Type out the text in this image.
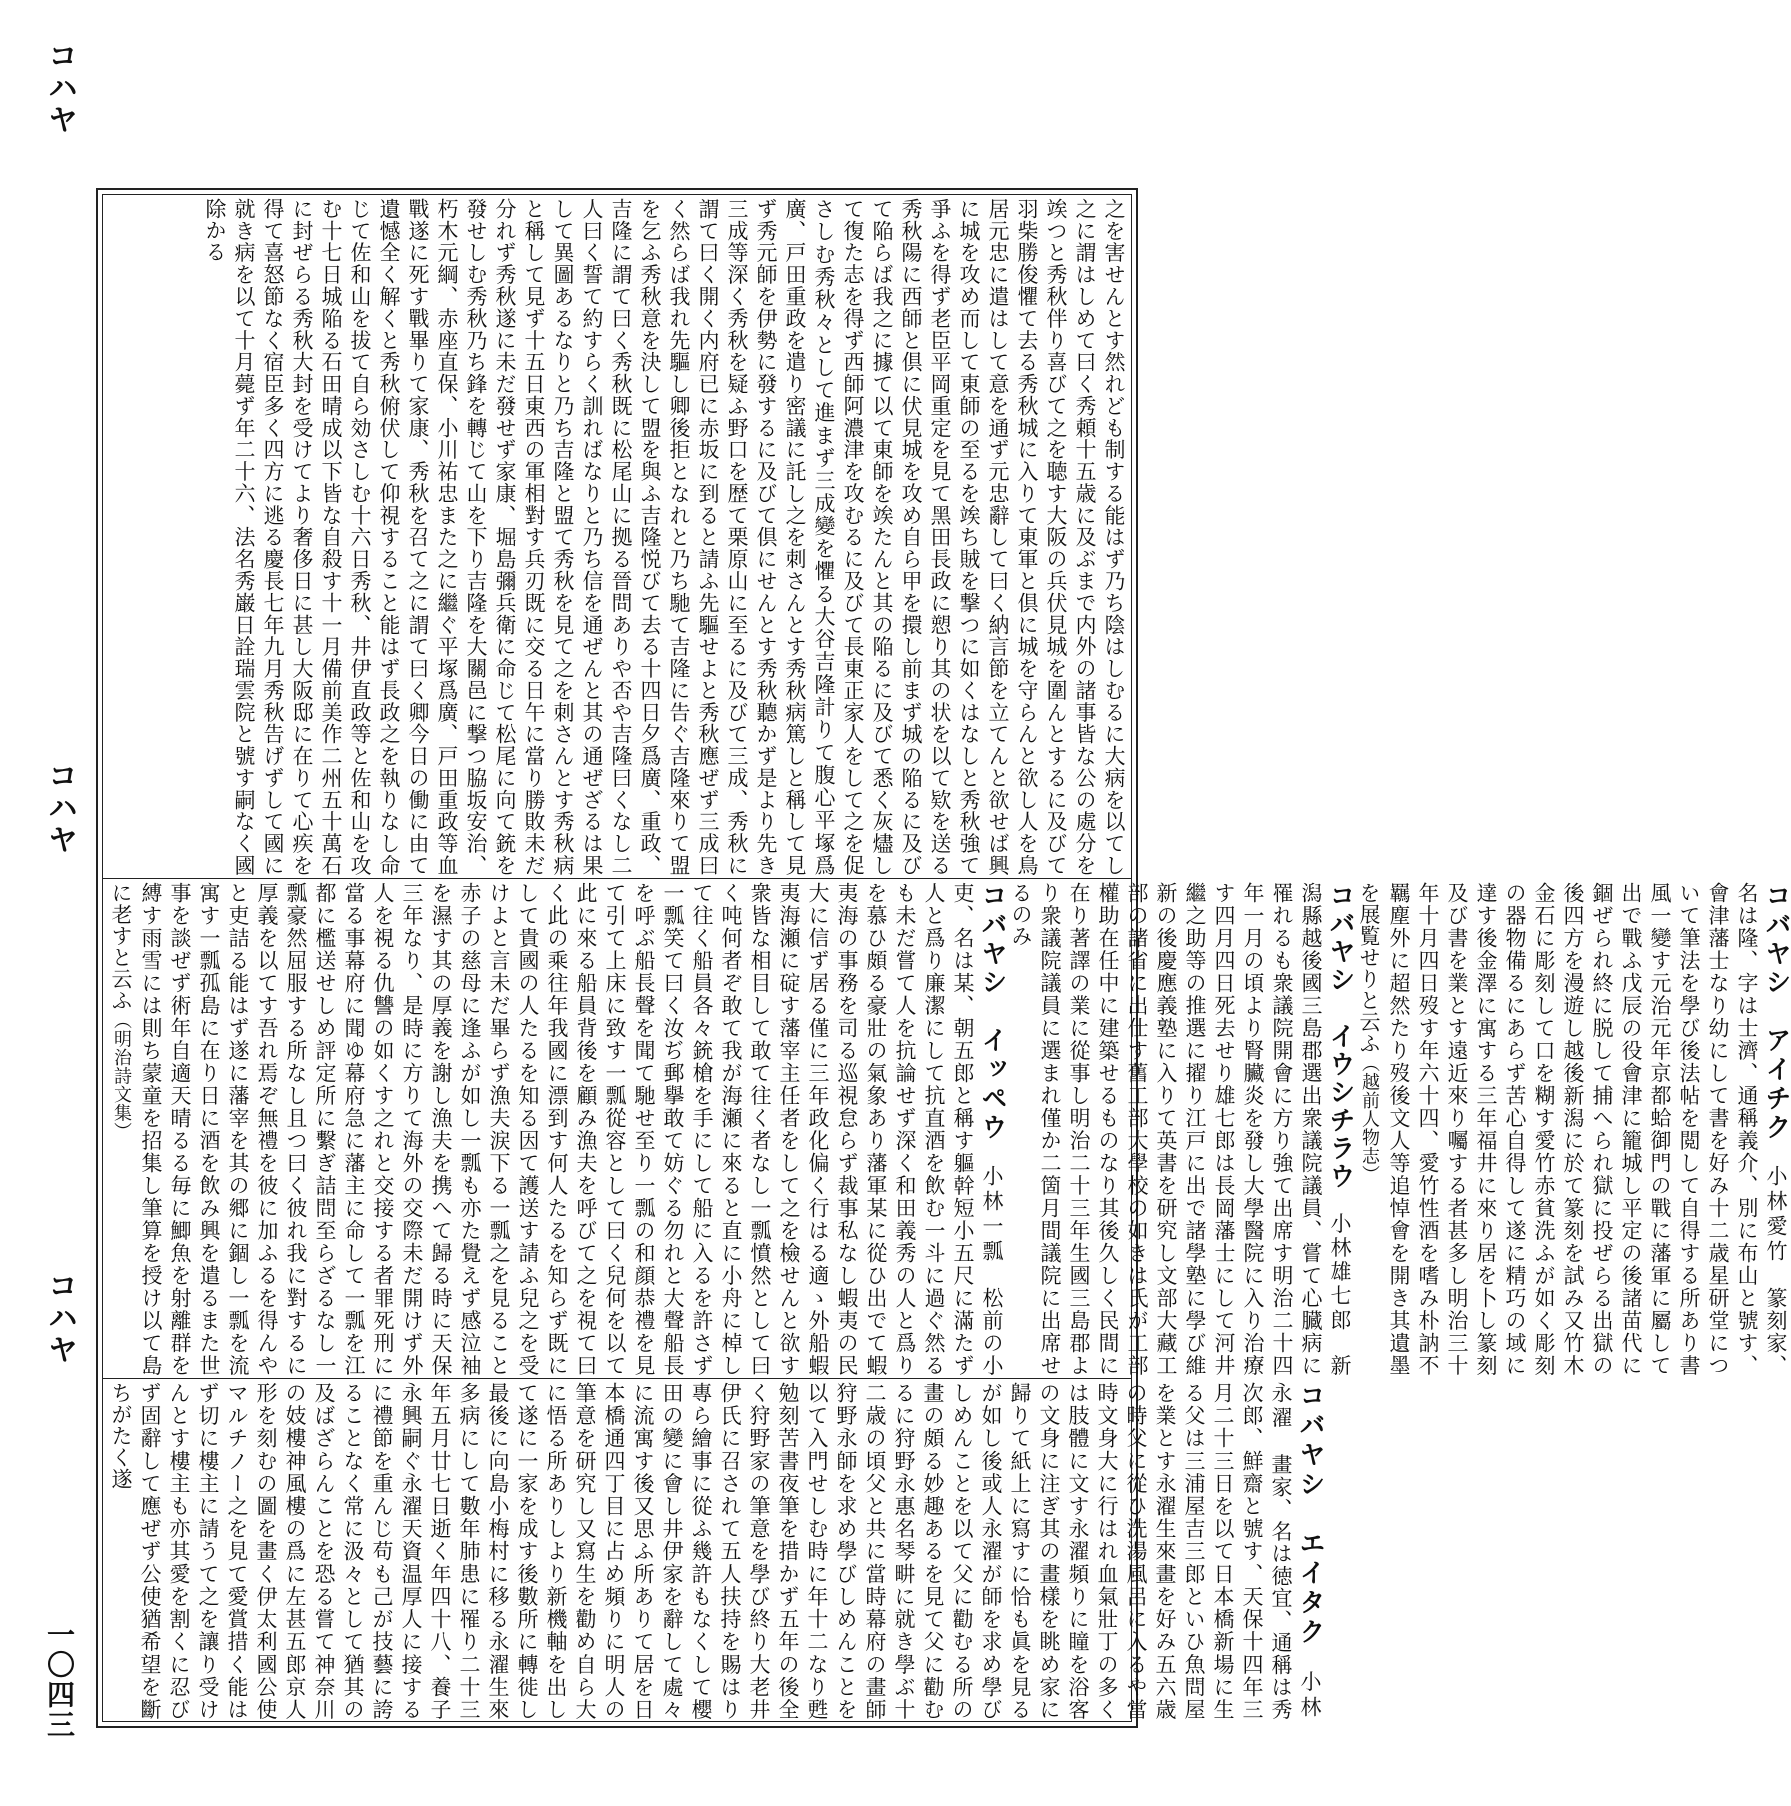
コハヤ
コハヤ
コハヤ
一〇四三
之を害せんとす然れども制する能はず乃ち陰はしむるに大病を以てし之に謂はしめて曰く秀頼十五歳に及ぶまで内外の諸事皆な公の處分を竢つと秀秋伴り喜びて之を聴す大阪の兵伏見城を圍んとするに及びて羽柴勝俊懼て去る秀秋城に入りて東軍と倶に城を守らんと欲し人を鳥居元忠に遣はして意を通ず元忠辭して曰く納言節を立てんと欲せば興に城を攻め而して東師の至るを竢ち賊を撃つに如くはなしと秀秋強て爭ふを得ず老臣平岡重定を見て黑田長政に愬り其の状を以て欵を送る秀秋陽に西師と倶に伏見城を攻め自ら甲を擐し前まず城の陥るに及びて陥らば我之に據て以て東師を竢たんと其の陥るに及びて悉く灰燼して復た志を得ず西師阿濃津を攻むるに及びて長東正家人をして之を促さしむ秀秋々として進まず三成變を懼る大谷吉隆計りて腹心平塚爲廣、戸田重政を遣り密議に託し之を刺さんとす秀秋病篤しと稱して見ず秀元師を伊勢に發するに及びて倶にせんとす秀秋聽かず是より先き三成等深く秀秋を疑ふ野口を歴て栗原山に至るに及びて三成、秀秋に謂て曰く開く内府已に赤坂に到ると請ふ先驅せよと秀秋應ぜず三成曰く然らば我れ先驅し卿後拒となれと乃ち馳て吉隆に告ぐ吉隆來りて盟を乞ふ秀秋意を決して盟を與ふ吉隆悦びて去る十四日夕爲廣、重政、吉隆に謂て曰く秀秋既に松尾山に拠る晉問ありや否や吉隆曰くなし二人曰く誓て約すらく訓ればなりと乃ち信を通ぜんと其の通ぜざるは果して異圖あるなりと乃ち吉隆と盟て秀秋を見て之を刺さんとす秀秋病と稱して見ず十五日東西の軍相對す兵刃既に交る日午に當り勝敗未だ分れず秀秋遂に未だ發せず家康、堀島彌兵衛に命じて松尾に向て銃を發せしむ秀秋乃ち鋒を轉じて山を下り吉隆を大關邑に撃つ脇坂安治、朽木元綱、赤座直保、小川祐忠また之に繼ぐ平塚爲廣、戸田重政等血戰遂に死す戰畢りて家康、秀秋を召て之に謂て曰く卿今日の働に由て遺憾全く解くと秀秋俯伏して仰視すること能はず長政之を執りなし命じて佐和山を拔て自ら効さしむ十六日秀秋、井伊直政等と佐和山を攻む十七日城陥る石田晴成以下皆な自殺す十一月備前美作二州五十萬石に封ぜらる秀秋大封を受けてより奢侈日に甚し大阪邸に在りて心疾を得て喜怒節なく宿臣多く四方に逃る慶長七年九月秀秋告げずして國に就き病を以て十月薨ず年二十六、法名秀巌日詮瑞雲院と號す嗣なく國除かる
コバヤシ　アイチク　小林愛竹　篆刻家、名は隆、字は士濟、通稱義介、別に布山と號す、會津藩士なり幼にして書を好み十二歳星研堂について筆法を學び後法帖を閲して自得する所あり書風一變す元治元年京都蛤御門の戰に藩軍に屬して出で戰ふ戊辰の役會津に籠城し平定の後諸苗代に錮ぜられ終に脱して捕へられ獄に投ぜらる出獄の後四方を漫遊し越後新潟に於て篆刻を試み又竹木金石に彫刻して口を糊す愛竹赤貧洗ふが如く彫刻の器物備るにあらず苦心自得して遂に精巧の域に達す後金澤に寓する三年福井に來り居を卜し篆刻及び書を業とす遠近來り囑する者甚多し明治三十年十月四日歿す年六十四、愛竹性酒を嗜み朴訥不羈塵外に超然たり歿後文人等追悼會を開き其遺墨を展覧せりと云ふ（越前人物志）
コバヤシ　イウシチラウ　小林雄七郎　新潟縣越後國三島郡選出衆議院議員、嘗て心臓病に罹れるも衆議院開會に方り強て出席す明治二十四年一月の頃より腎臟炎を發し大學醫院に入り治療す四月四日死去せり雄七郎は長岡藩士にして河井繼之助等の推選に擢り江戸に出で諸學塾に學び維新の後慶應義塾に入りて英書を研究し文部大藏工部の諸省に出仕す舊工部大學校の如きは氏が工部權助在任中に建築せるものなり其後久しく民間に在り著譯の業に從事し明治二十三年生國三島郡より衆議院議員に選まれ僅か二箇月間議院に出席せるのみ
コバヤシ　イッペウ　小林一瓢　松前の小吏、名は某、朝五郎と稱す軀幹短小五尺に滿たず人と爲り廉潔にして抗直酒を飲む一斗に過ぐ然るも未だ嘗て人を抗論せず深く和田義秀の人と爲りを慕ひ頗る豪壯の氣象あり藩軍某に從ひ出でて蝦夷海の事務を司る巡視怠らず裁事私なし蝦夷の民大に信ず居る僅に三年政化偏く行はる適ゝ外船蝦夷海瀬に碇す藩宰主任者をして之を檢せんと欲す衆皆な相目して敢て往く者なし一瓢憤然として曰く吨何者ぞ敢て我が海瀬に來ると直に小舟に棹して往く船員各々銃槍を手にして船に入るを許さず一瓢笑て曰く汝ぢ郵擧敢て妨ぐる勿れと大聲船長を呼ぶ船長聲を聞て馳せ至り一瓢の和顔恭禮を見て引て上床に致す一瓢從容として曰く兒何を以て此に來る船員背後を顧み漁夫を呼びて之を視て曰く此の乘往年我國に漂到す何人たるを知らず既にして貴國の人たるを知る因て護送す請ふ兒之を受けよと言未だ畢らず漁夫涙下る一瓢之を見ること赤子の慈母に逢ふが如し一瓢も亦た覺えず感泣袖を濕す其の厚義を謝し漁夫を携へて歸る時に天保三年なり、是時に方りて海外の交際未だ開けず外人を視る仇讐の如くす之れと交接する者罪死刑に當る事幕府に聞ゆ幕府急に藩主に命して一瓢を江都に檻送せしめ評定所に繫ぎ詰問至らざるなし一瓢豪然屈服する所なし且つ曰く彼れ我に對するに厚義を以てす吾れ焉ぞ無禮を彼に加ふるを得んやと吏詰る能はず遂に藩宰を其の郷に錮し一瓢を流寓す一瓢孤島に在り日に酒を飲み興を遣るまた世事を談ぜず術年自適天晴るる毎に鯽魚を射離群を縛す雨雪には則ち蒙童を招集し筆算を授け以て島に老すと云ふ（明治詩文集）
コバヤシ　エイタク　小林永濯　畫家、名は徳宜、通稱は秀次郎、鮮齋と號す、天保十四年三月二十三日を以て日本橋新場に生る父は三浦屋吉三郎といひ魚問屋を業とす永濯生來畫を好み五六歳の時父に從ひ洗湯風呂に入るや當時文身大に行はれ血氣壯丁の多くは肢體に文す永濯頻りに瞳を浴客の文身に注ぎ其の畫樣を眺め家に歸りて紙上に寫すに恰も眞を見るが如し後或人永濯が師を求め學びしめんことを以て父に勸むる所の畫の頗る妙趣あるを見て父に勸むるに狩野永惠名琴畊に就き學ぶ十二歳の頃父と共に當時幕府の畫師狩野永師を求め學びしめんことを以て入門せしむ時に年十二なり甦勉刻苦書夜筆を措かず五年の後全く狩野家の筆意を學び終り大老井伊氏に召されて五人扶持を賜はり專ら繪事に從ふ幾許もなくして櫻田の變に會し井伊家を辭して處々に流寓す後又思ふ所ありて居を日本橋通四丁目に占め頻りに明人の筆意を研究し又寫生を勸め自ら大に悟る所ありしより新機軸を出して遂に一家を成す後數所に轉徙し最後に向島小梅村に移る永濯生來多病にして數年肺患に罹り二十三年五月廿七日逝く年四十八、養子永興嗣ぐ永濯天資温厚人に接するに禮節を重んじ苟も己が技藝に誇ることなく常に汲々として猶其の及ばざらんことを恐る嘗て神奈川の妓樓神風樓の爲に左甚五郎京人形を刻むの圖を畫く伊太利國公使マルチノー之を見て愛賞措く能はず切に樓主に請うて之を讓り受けんとす樓主も亦其愛を割くに忍びず固辭して應ぜず公使猶希望を斷ちがたく遂
